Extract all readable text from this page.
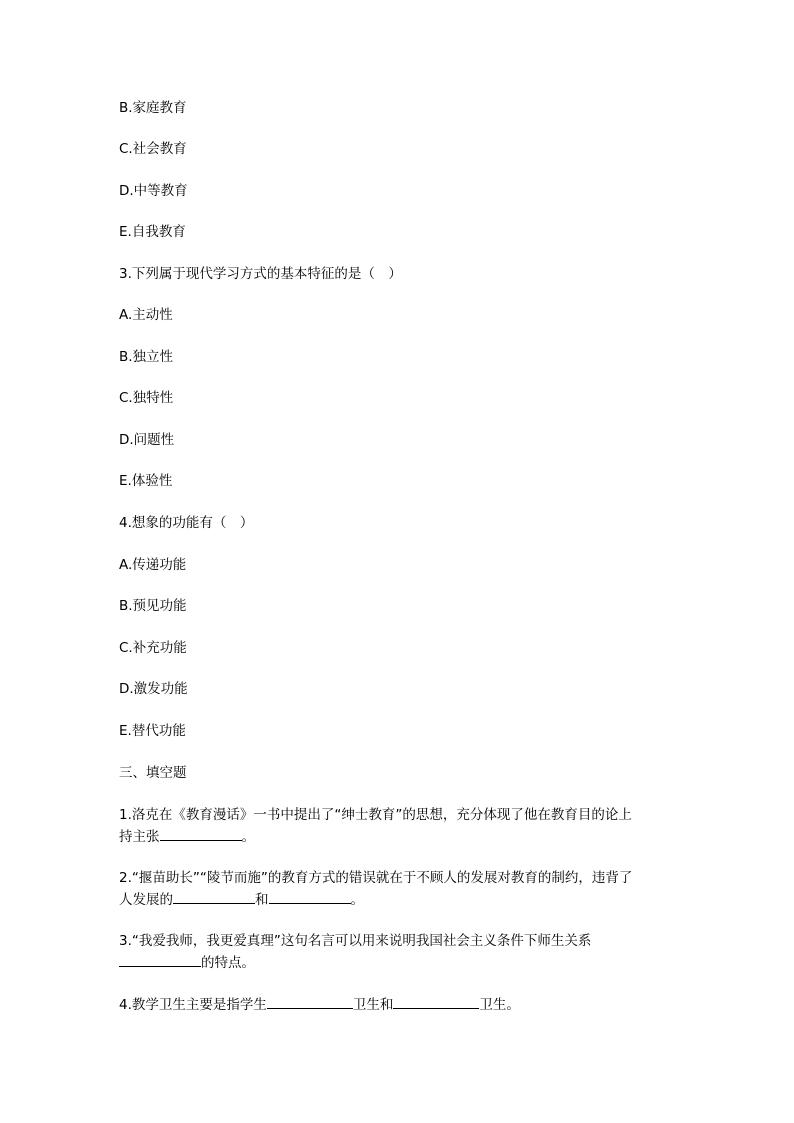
B.家庭教育
C.社会教育
D.中等教育
E.自我教育
3.下列属于现代学习方式的基本特征的是（　）
A.主动性
B.独立性
C.独特性
D.问题性
E.体验性
4.想象的功能有（　）
A.传递功能
B.预见功能
C.补充功能
D.激发功能
E.替代功能
三、填空题
1.洛克在《教育漫话》一书中提出了“绅士教育”的思想，充分体现了他在教育目的论上
持主张	。
2.“揠苗助长”“陵节而施”的教育方式的错误就在于不顾人的发展对教育的制约，违背了
人发展的	和	。
3.“我爱我师，我更爱真理”这句名言可以用来说明我国社会主义条件下师生关系
的特点。
4.教学卫生主要是指学生	卫生和	卫生。
